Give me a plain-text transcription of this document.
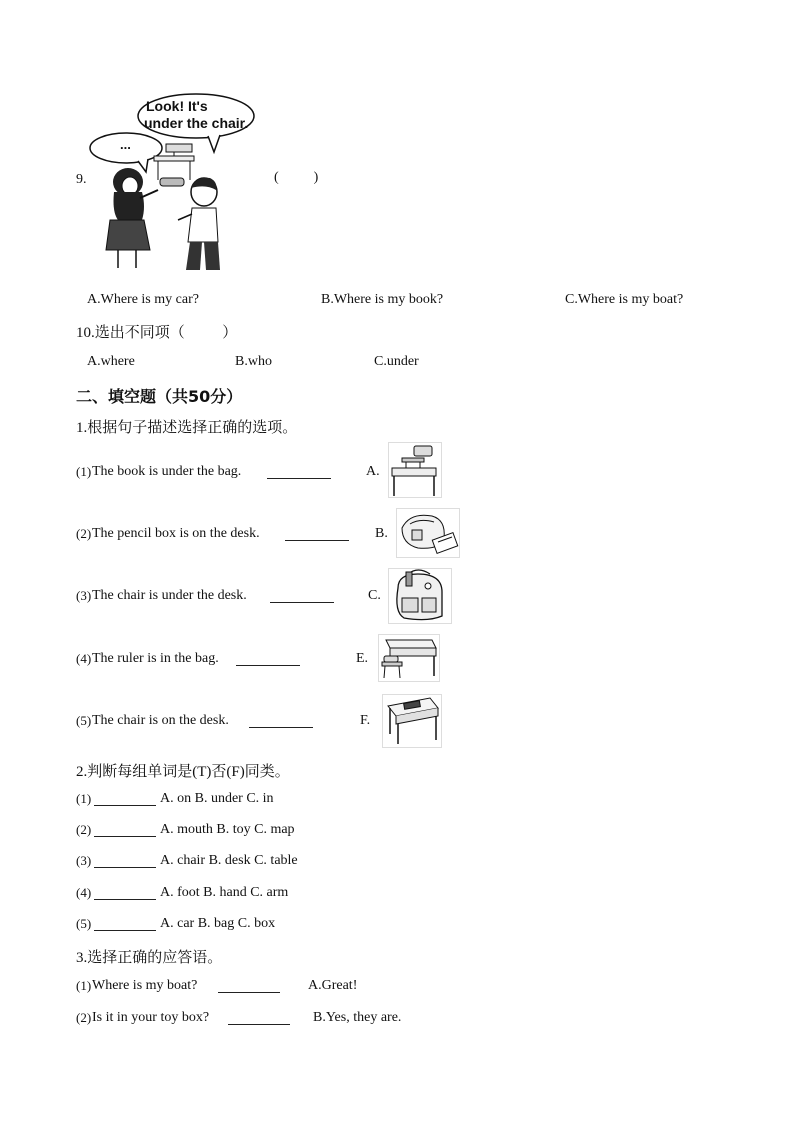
Look! It's
under the chair.
...
9.	(          )
A.Where is my car?	B.Where is my book?	C.Where is my boat?
10.选出不同项（          ）
A.where	B.who	C.under
二、填空题（共50分）
1.根据句子描述选择正确的选项。
(1) The book is under the bag.	A.
(2) The pencil box is on the desk.	B.
(3) The chair is under the desk.	C.
(4) The ruler is in the bag.	E.
(5) The chair is on the desk.	F.
2.判断每组单词是(T)否(F)同类。
(1)	A. on B. under C. in
(2)	A. mouth B. toy C. map
(3)	A. chair B. desk C. table
(4)	A. foot B. hand C. arm
(5)	A. car B. bag C. box
3.选择正确的应答语。
(1) Where is my boat?	A.Great!
(2) Is it in your toy box?	B.Yes, they are.
